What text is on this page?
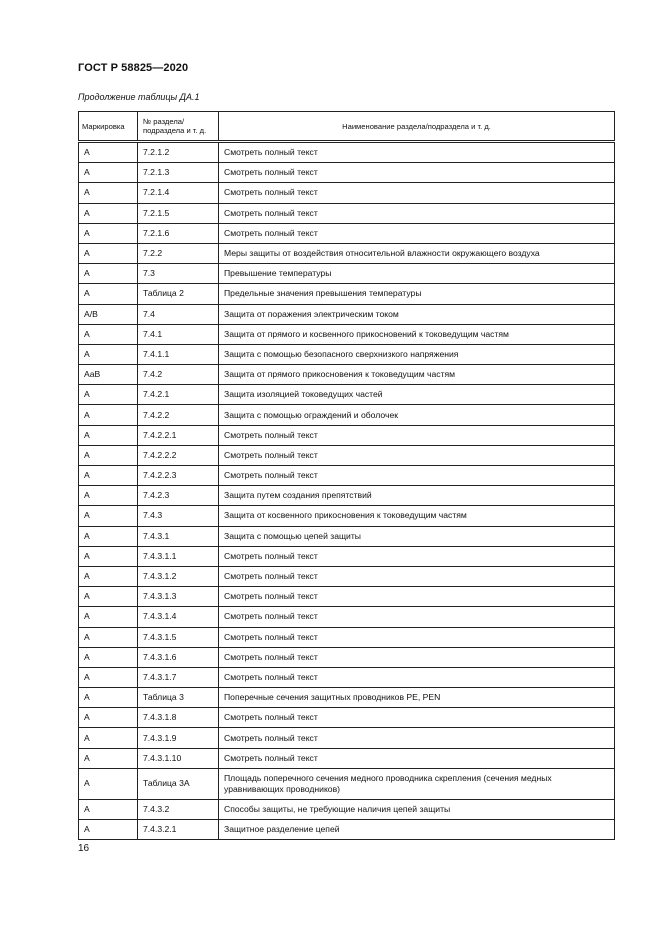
ГОСТ Р 58825—2020
Продолжение таблицы ДА.1
Маркировка	№ раздела/ подраздела и т. д.	Наименование раздела/подраздела и т. д.
A	7.2.1.2	Смотреть полный текст
A	7.2.1.3	Смотреть полный текст
A	7.2.1.4	Смотреть полный текст
A	7.2.1.5	Смотреть полный текст
A	7.2.1.6	Смотреть полный текст
A	7.2.2	Меры защиты от воздействия относительной влажности окружающего воздуха
A	7.3	Превышение температуры
A	Таблица 2	Предельные значения превышения температуры
A/B	7.4	Защита от поражения электрическим током
A	7.4.1	Защита от прямого и косвенного прикосновений к токоведущим частям
A	7.4.1.1	Защита с помощью безопасного сверхнизкого напряжения
AaB	7.4.2	Защита от прямого прикосновения к токоведущим частям
A	7.4.2.1	Защита изоляцией токоведущих частей
A	7.4.2.2	Защита с помощью ограждений и оболочек
A	7.4.2.2.1	Смотреть полный текст
A	7.4.2.2.2	Смотреть полный текст
A	7.4.2.2.3	Смотреть полный текст
A	7.4.2.3	Защита путем создания препятствий
A	7.4.3	Защита от косвенного прикосновения к токоведущим частям
A	7.4.3.1	Защита с помощью цепей защиты
A	7.4.3.1.1	Смотреть полный текст
A	7.4.3.1.2	Смотреть полный текст
A	7.4.3.1.3	Смотреть полный текст
A	7.4.3.1.4	Смотреть полный текст
A	7.4.3.1.5	Смотреть полный текст
A	7.4.3.1.6	Смотреть полный текст
A	7.4.3.1.7	Смотреть полный текст
A	Таблица 3	Поперечные сечения защитных проводников PE, PEN
A	7.4.3.1.8	Смотреть полный текст
A	7.4.3.1.9	Смотреть полный текст
A	7.4.3.1.10	Смотреть полный текст
A	Таблица 3A	Площадь поперечного сечения медного проводника скрепления (сечения медных уравнивающих проводников)
A	7.4.3.2	Способы защиты, не требующие наличия цепей защиты
A	7.4.3.2.1	Защитное разделение цепей
16
